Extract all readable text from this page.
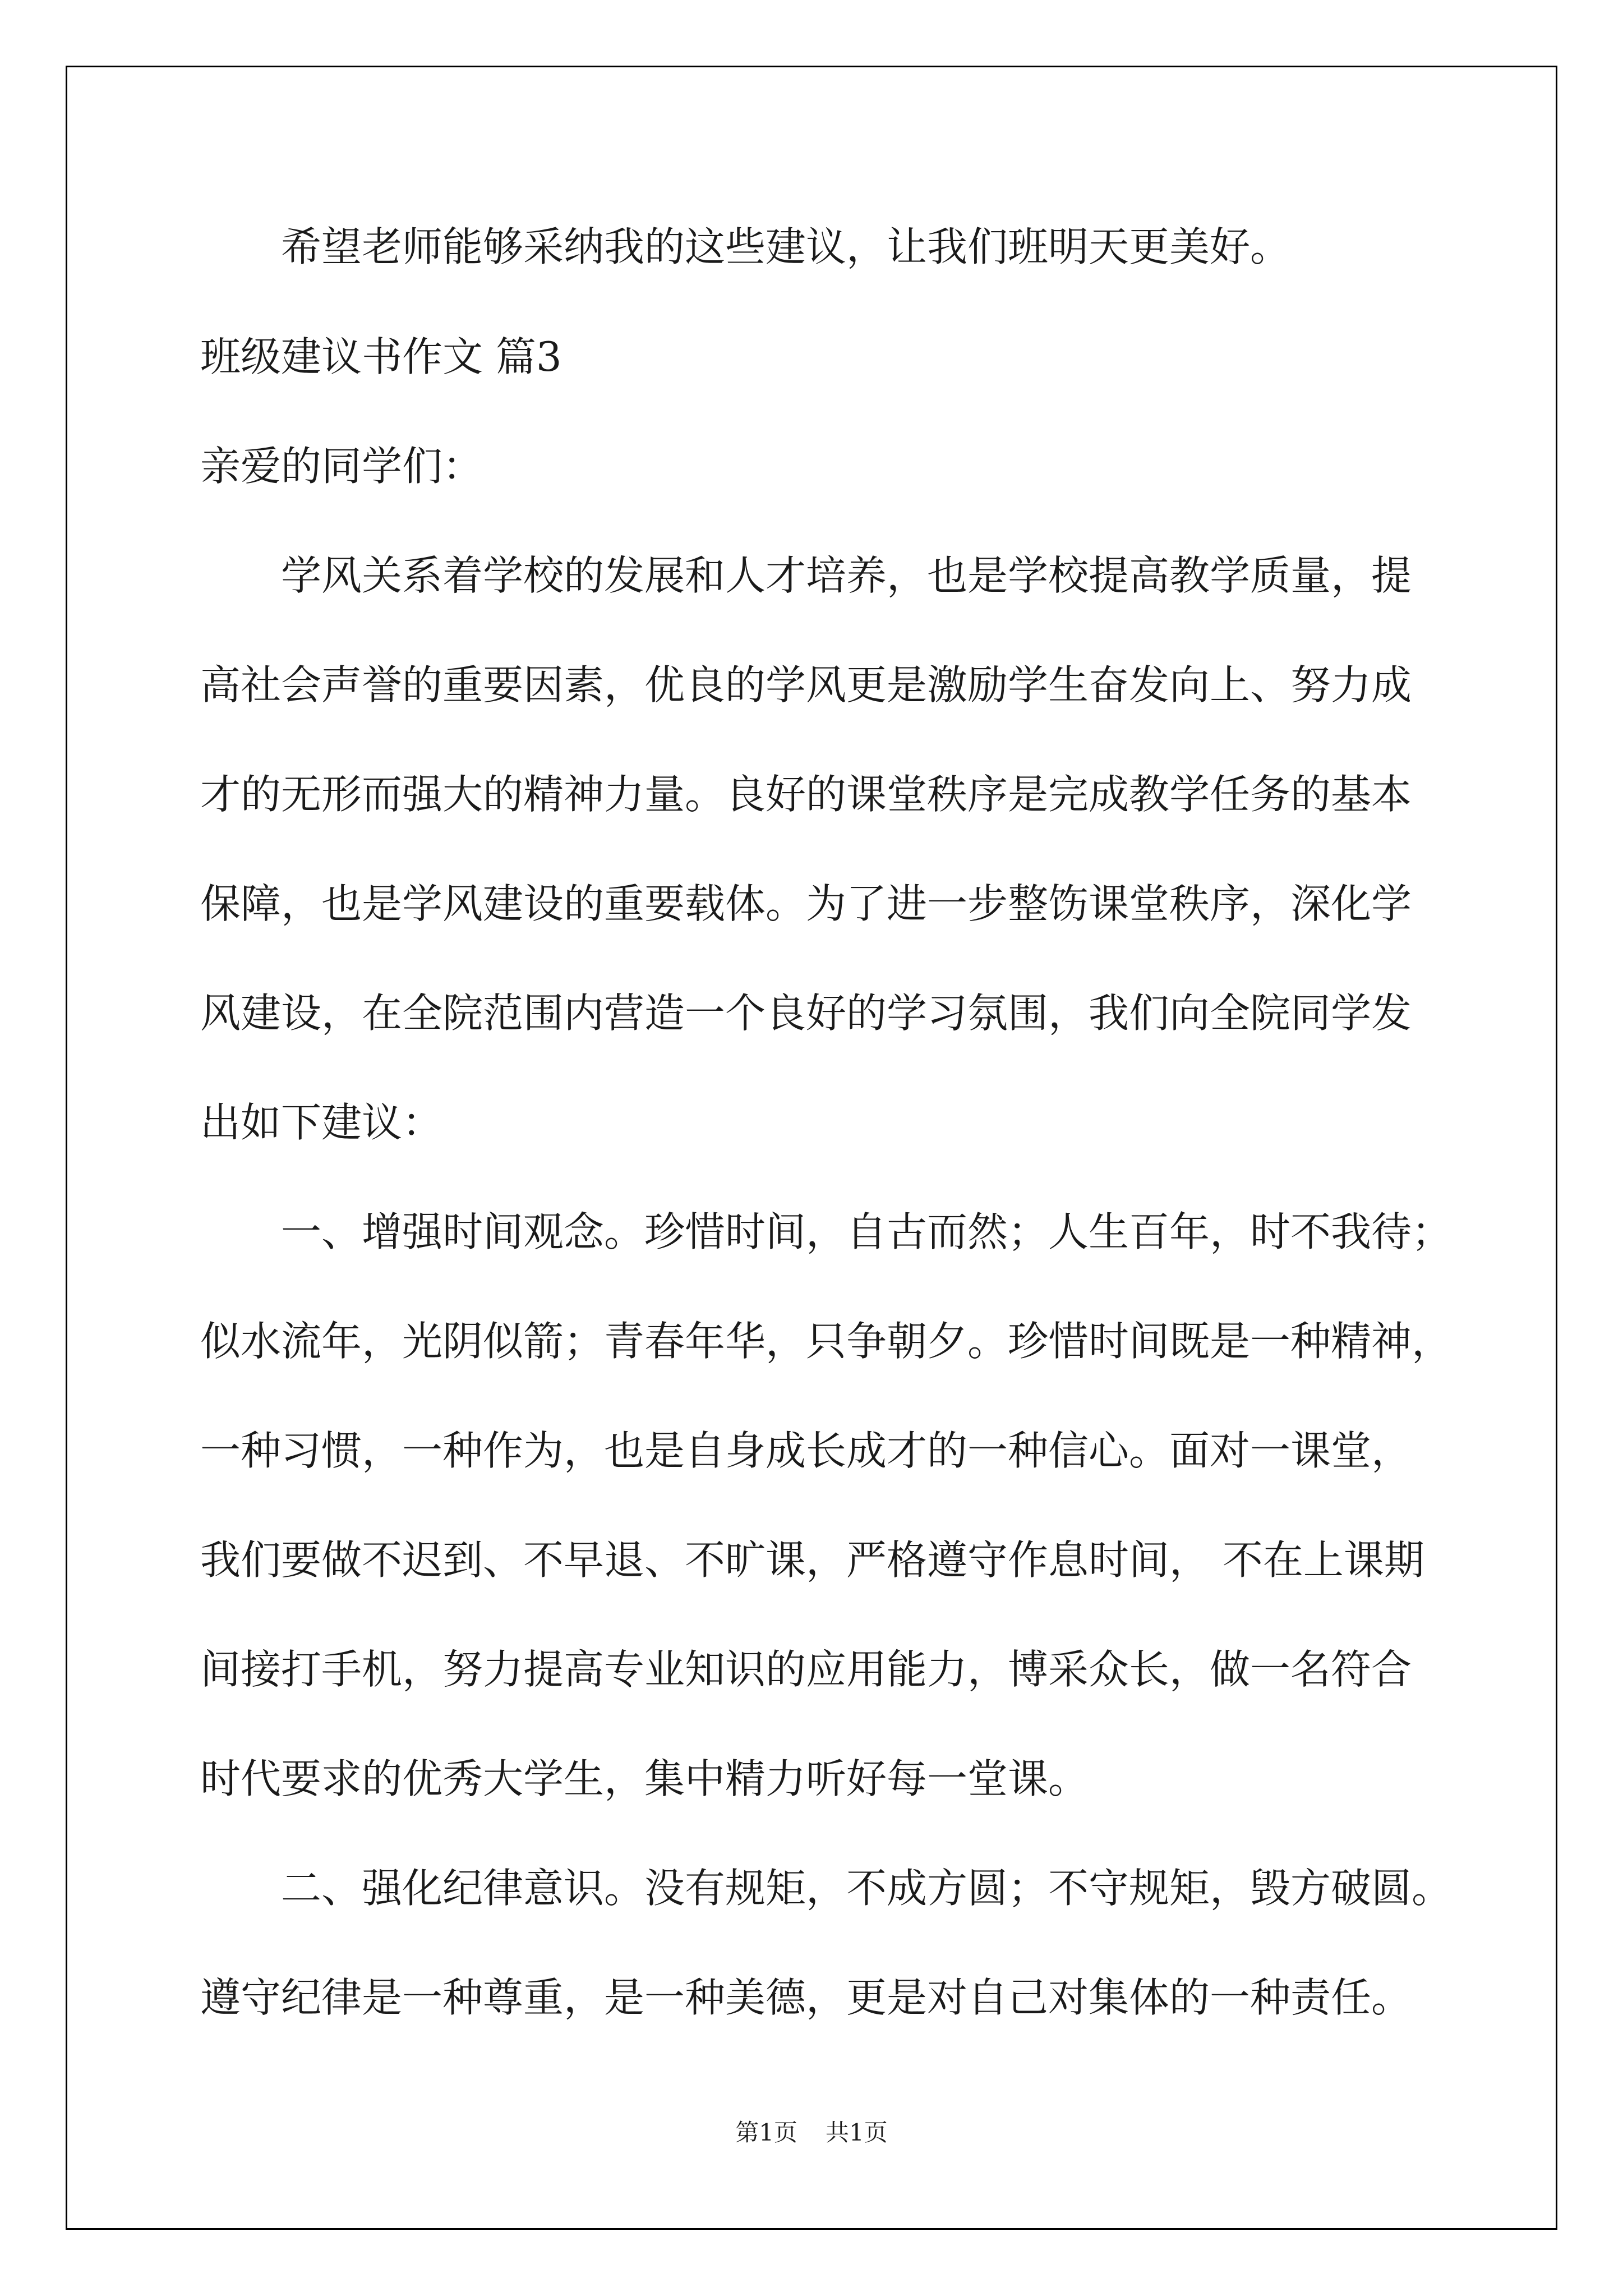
希望老师能够采纳我的这些建议，让我们班明天更美好。
班级建议书作文 篇3
亲爱的同学们：
学风关系着学校的发展和人才培养，也是学校提高教学质量，提
高社会声誉的重要因素，优良的学风更是激励学生奋发向上、努力成
才的无形而强大的精神力量。良好的课堂秩序是完成教学任务的基本
保障，也是学风建设的重要载体。为了进一步整饬课堂秩序，深化学
风建设，在全院范围内营造一个良好的学习氛围，我们向全院同学发
出如下建议：
一、增强时间观念。珍惜时间，自古而然；人生百年，时不我待；
似水流年，光阴似箭；青春年华，只争朝夕。珍惜时间既是一种精神，
一种习惯，一种作为，也是自身成长成才的一种信心。面对一课堂，
我们要做不迟到、不早退、不旷课，严格遵守作息时间， 不在上课期
间接打手机，努力提高专业知识的应用能力，博采众长，做一名符合
时代要求的优秀大学生，集中精力听好每一堂课。
二、强化纪律意识。没有规矩，不成方圆；不守规矩，毁方破圆。
遵守纪律是一种尊重，是一种美德，更是对自己对集体的一种责任。
第1页 共1页
